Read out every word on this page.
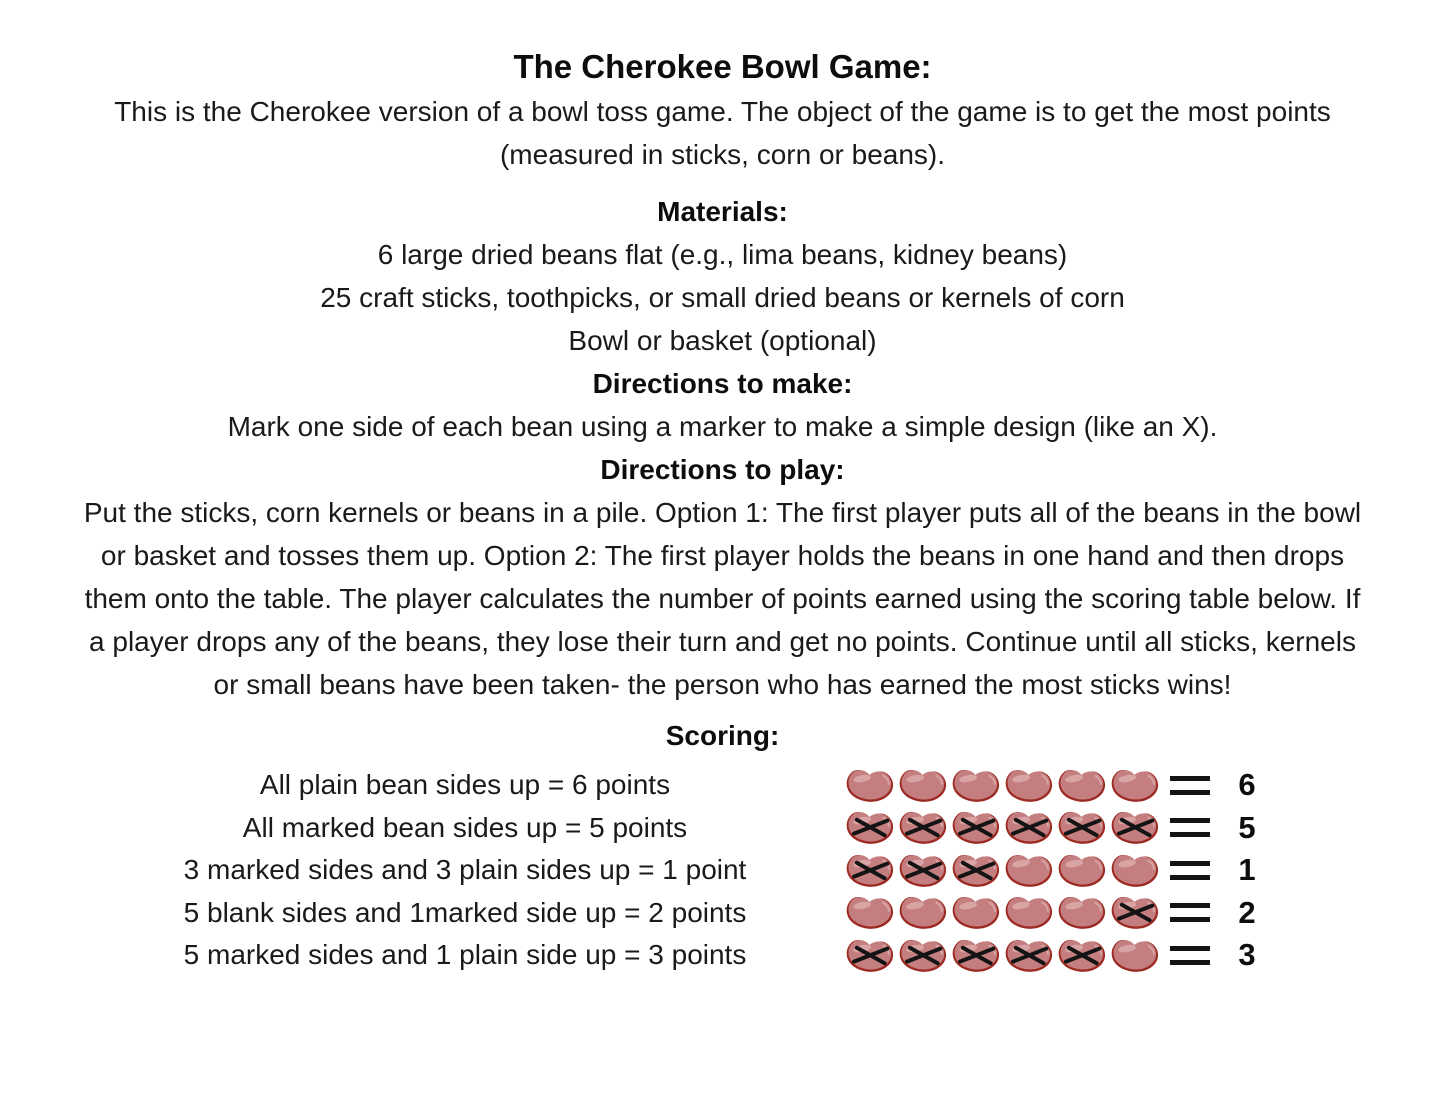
The Cherokee Bowl Game:

This is the Cherokee version of a bowl toss game. The object of the game is to get the most points (measured in sticks, corn or beans).

Materials:
6 large dried beans flat (e.g., lima beans, kidney beans)
25 craft sticks, toothpicks, or small dried beans or kernels of corn
Bowl or basket (optional)
Directions to make:
Mark one side of each bean using a marker to make a simple design (like an X).
Directions to play:

Put the sticks, corn kernels or beans in a pile. Option 1: The first player puts all of the beans in the bowl or basket and tosses them up. Option 2: The first player holds the beans in one hand and then drops them onto the table. The player calculates the number of points earned using the scoring table below. If a player drops any of the beans, they lose their turn and get no points. Continue until all sticks, kernels or small beans have been taken- the person who has earned the most sticks wins!

Scoring:
All plain bean sides up = 6 points	6
All marked bean sides up = 5 points	5
3 marked sides and 3 plain sides up = 1 point	1
5 blank sides and 1marked side up = 2 points	2
5 marked sides and 1 plain side up = 3 points	3
